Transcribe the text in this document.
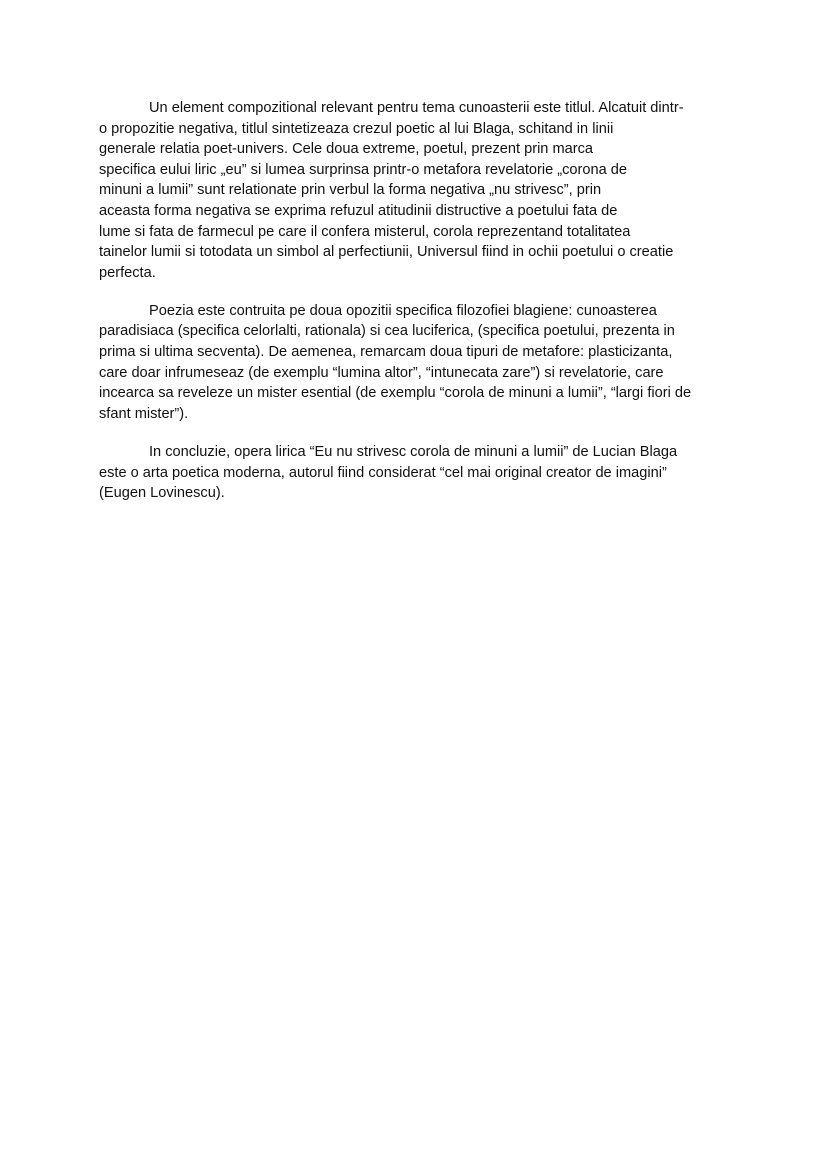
Un element compozitional relevant pentru tema cunoasterii este titlul. Alcatuit dintr-
o propozitie negativa, titlul sintetizeaza crezul poetic al lui Blaga, schitand in linii
generale relatia poet-univers. Cele doua extreme, poetul, prezent prin marca
specifica eului liric „eu” si lumea surprinsa printr-o metafora revelatorie „corona de
minuni a lumii” sunt relationate prin verbul la forma negativa „nu strivesc”, prin
aceasta forma negativa se exprima refuzul atitudinii distructive a poetului fata de
lume si fata de farmecul pe care il confera misterul, corola reprezentand totalitatea
tainelor lumii si totodata un simbol al perfectiunii, Universul fiind in ochii poetului o creatie
perfecta.

Poezia este contruita pe doua opozitii specifica filozofiei blagiene: cunoasterea
paradisiaca (specifica celorlalti, rationala) si cea luciferica, (specifica poetului, prezenta in
prima si ultima secventa). De aemenea, remarcam doua tipuri de metafore: plasticizanta,
care doar infrumeseaz (de exemplu “lumina altor”, “intunecata zare”) si revelatorie, care
incearca sa reveleze un mister esential (de exemplu “corola de minuni a lumii”, “largi fiori de
sfant mister”).

In concluzie, opera lirica “Eu nu strivesc corola de minuni a lumii” de Lucian Blaga
este o arta poetica moderna, autorul fiind considerat “cel mai original creator de imagini”
(Eugen Lovinescu).
